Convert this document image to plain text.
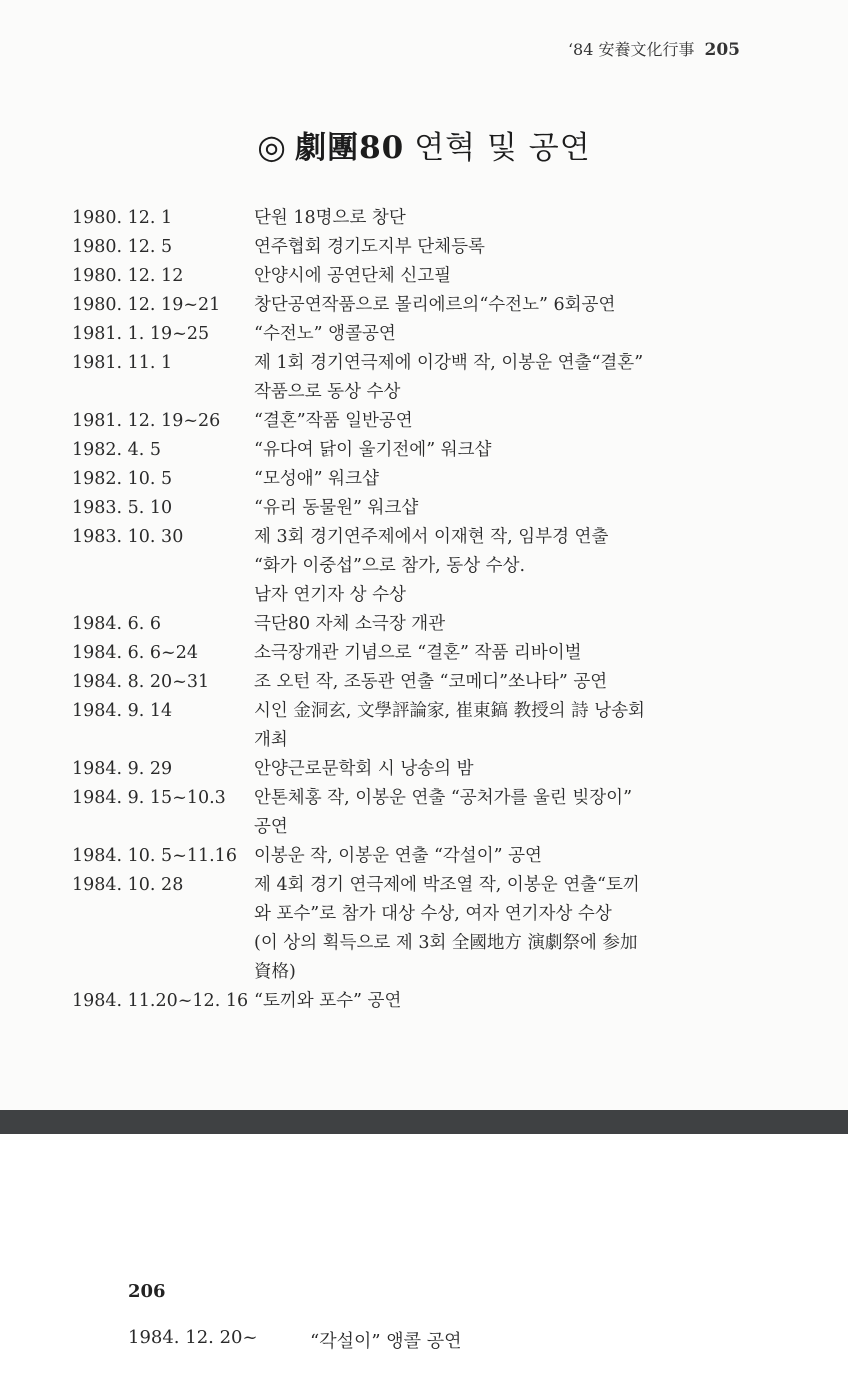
‘84 安養文化行事 205
◎ 劇團80 연혁 및 공연
1980. 12. 1	단원 18명으로 창단
1980. 12. 5	연주협회 경기도지부 단체등록
1980. 12. 12	안양시에 공연단체 신고필
1980. 12. 19~21 창단공연작품으로 몰리에르의“수전노” 6회공연
1981. 1. 19~25	“수전노” 앵콜공연
1981. 11. 1	제 1회 경기연극제에 이강백 작, 이봉운 연출“결혼”
작품으로 동상 수상
1981. 12. 19~26 “결혼”작품 일반공연
1982. 4. 5	“유다여 닭이 울기전에” 워크샵
1982. 10. 5	“모성애” 워크샵
1983. 5. 10	“유리 동물원” 워크샵
1983. 10. 30	제 3회 경기연주제에서 이재현 작, 임부경 연출
“화가 이중섭”으로 참가, 동상 수상.
남자 연기자 상 수상
1984. 6. 6	극단80 자체 소극장 개관
1984. 6. 6~24	소극장개관 기념으로 “결혼” 작품 리바이벌
1984. 8. 20~31	조 오턴 작, 조동관 연출 “코메디”쏘나타” 공연
1984. 9. 14	시인 金洞玄, 文學評論家, 崔東鎬 教授의 詩 낭송회
개최
1984. 9. 29	안양근로문학회 시 낭송의 밤
1984. 9. 15~10.3 안톤체홍 작, 이봉운 연출 “공처가를 울린 빚장이”
공연
1984. 10. 5~11.16 이봉운 작, 이봉운 연출 “각설이” 공연
1984. 10. 28	제 4회 경기 연극제에 박조열 작, 이봉운 연출“토끼
와 포수”로 참가 대상 수상, 여자 연기자상 수상
(이 상의 획득으로 제 3회 全國地方 演劇祭에 参加
資格)
1984. 11.20~12. 16 “토끼와 포수” 공연
206
1984. 12. 20~	“각설이” 앵콜 공연
